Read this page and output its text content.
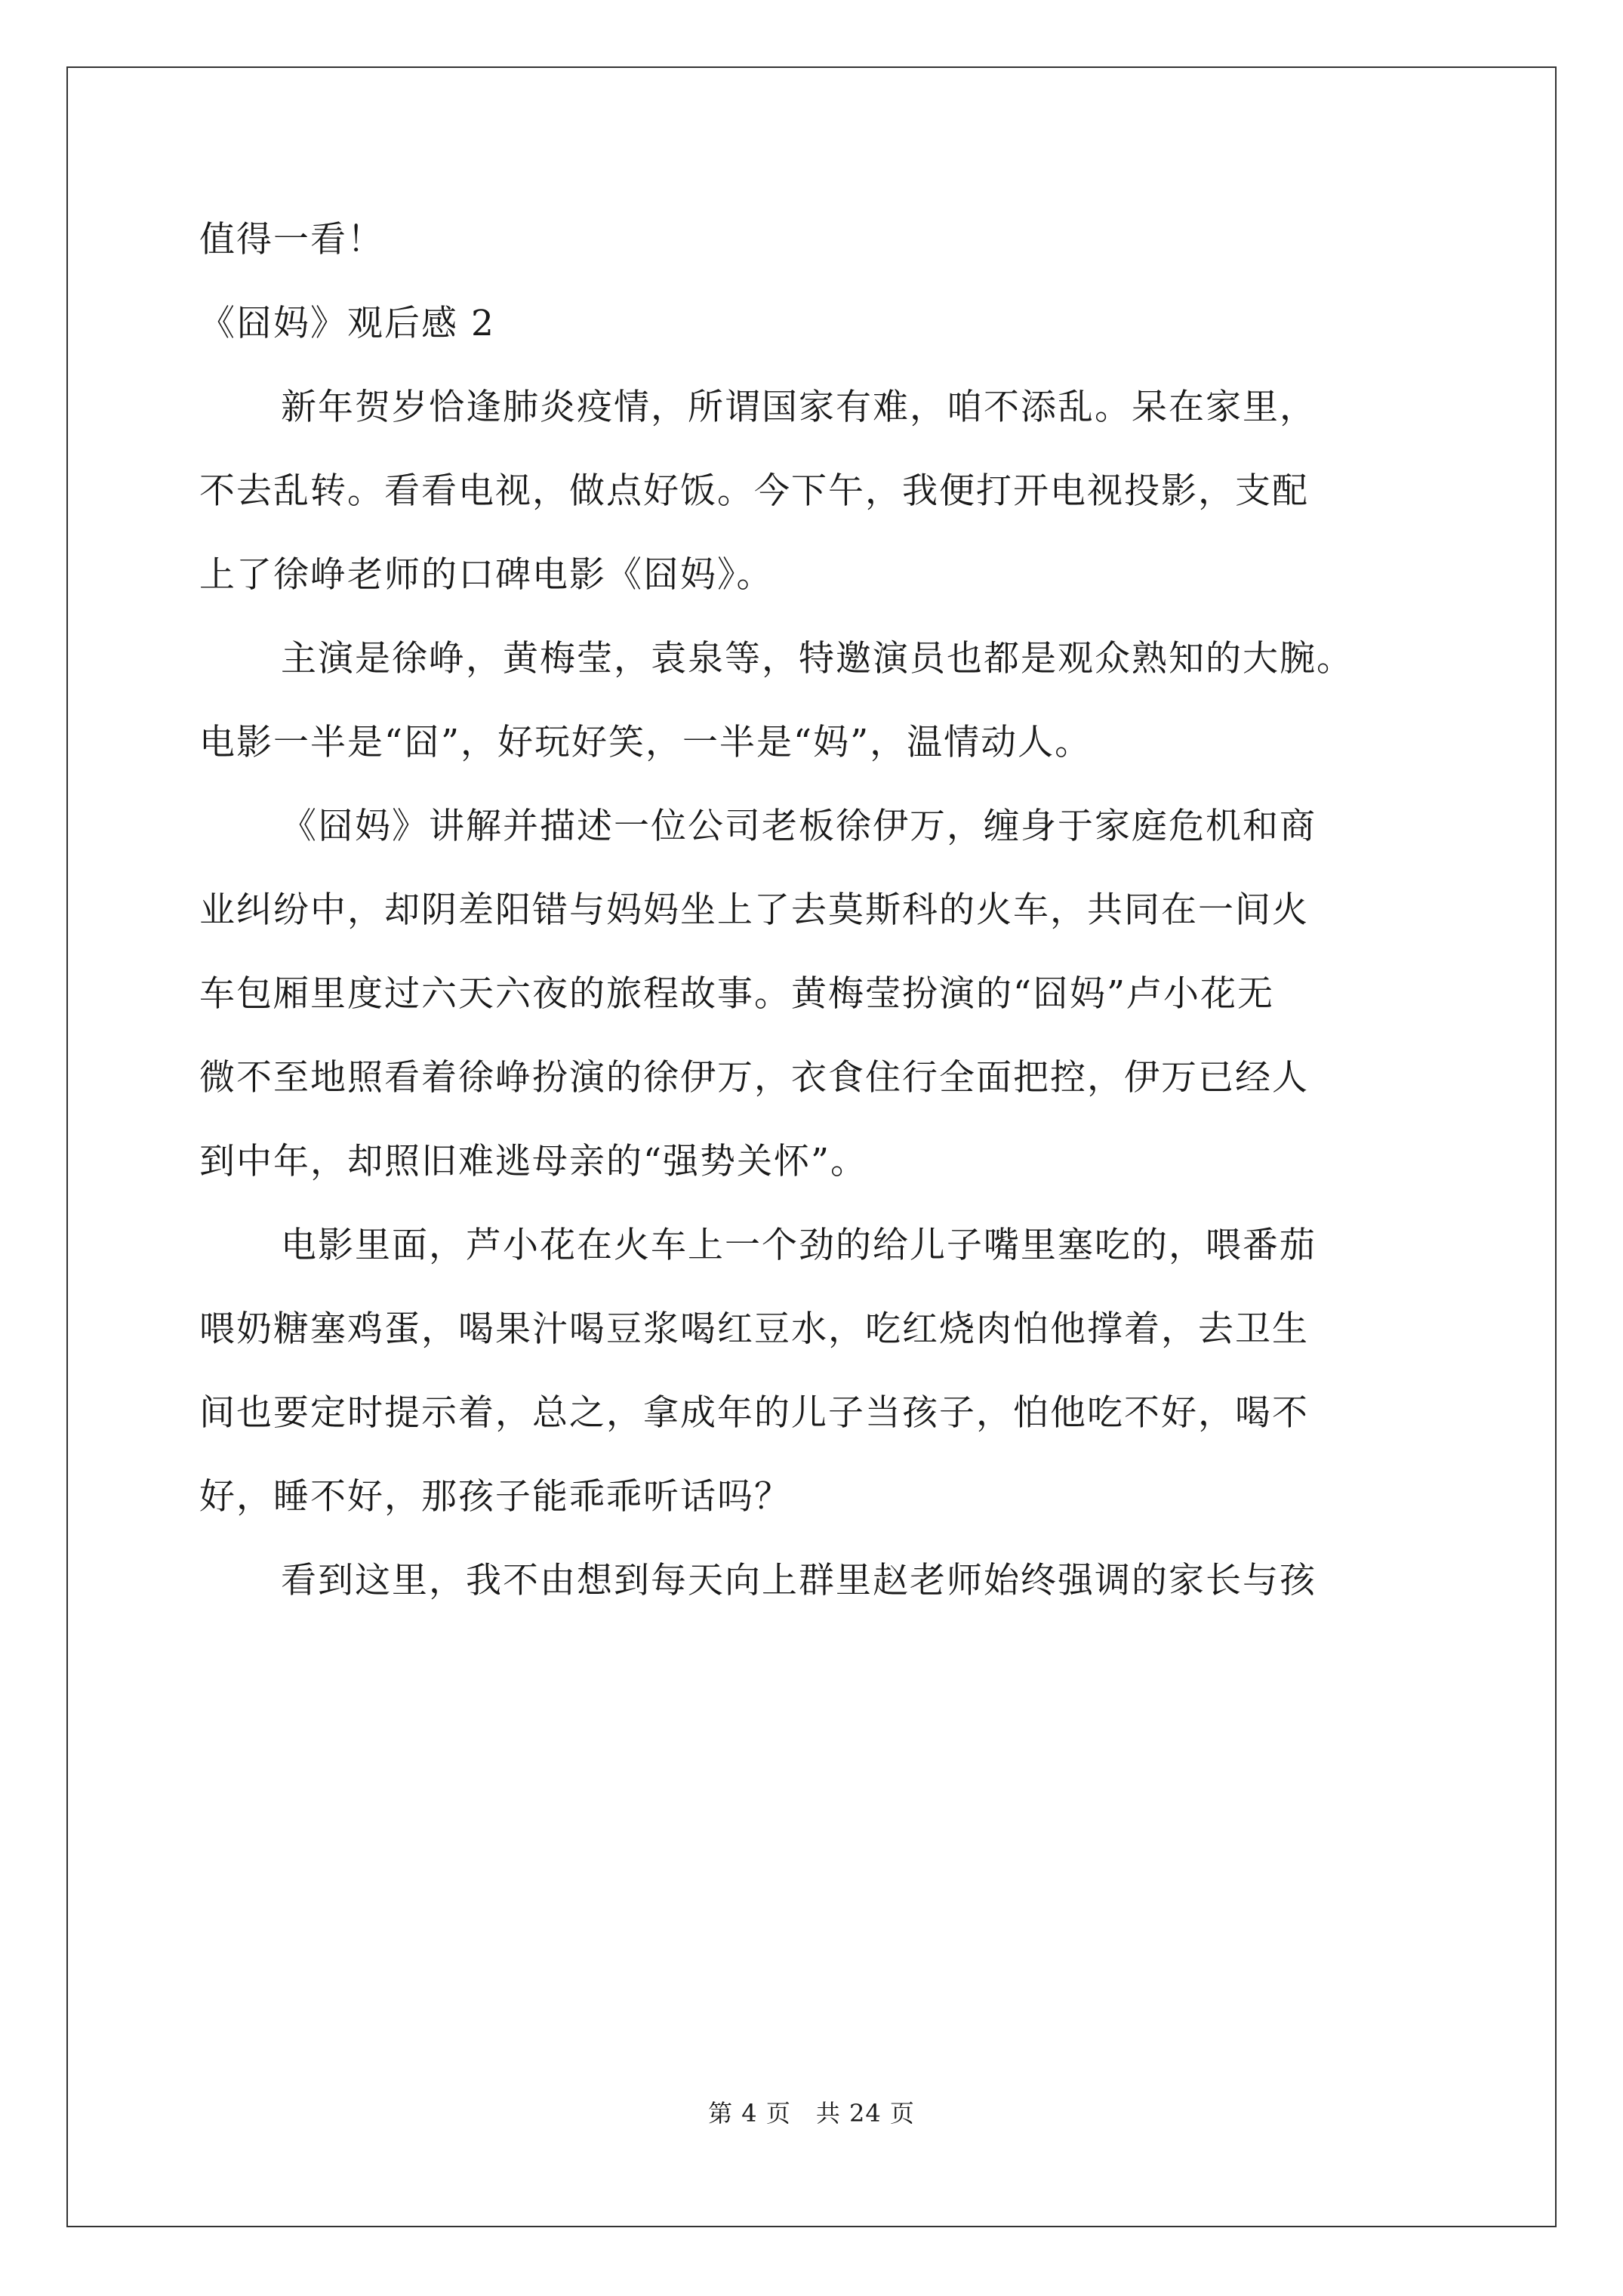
值得一看！
《囧妈》观后感 2
新年贺岁恰逢肺炎疫情，所谓国家有难，咱不添乱。呆在家里，
不去乱转。看看电视，做点好饭。今下午，我便打开电视投影，支配
上了徐峥老师的口碑电影《囧妈》。
主演是徐峥，黄梅莹，袁泉等，特邀演员也都是观众熟知的大腕。
电影一半是“囧”，好玩好笑，一半是“妈”，温情动人。
《囧妈》讲解并描述一位公司老板徐伊万，缠身于家庭危机和商
业纠纷中，却阴差阳错与妈妈坐上了去莫斯科的火车，共同在一间火
车包厢里度过六天六夜的旅程故事。黄梅莹扮演的“囧妈”卢小花无
微不至地照看着徐峥扮演的徐伊万，衣食住行全面把控，伊万已经人
到中年，却照旧难逃母亲的“强势关怀”。
电影里面，芦小花在火车上一个劲的给儿子嘴里塞吃的，喂番茄
喂奶糖塞鸡蛋，喝果汁喝豆浆喝红豆水，吃红烧肉怕他撑着，去卫生
间也要定时提示着，总之，拿成年的儿子当孩子，怕他吃不好，喝不
好，睡不好，那孩子能乖乖听话吗？
看到这里，我不由想到每天向上群里赵老师始终强调的家长与孩
第 4 页　共 24 页
